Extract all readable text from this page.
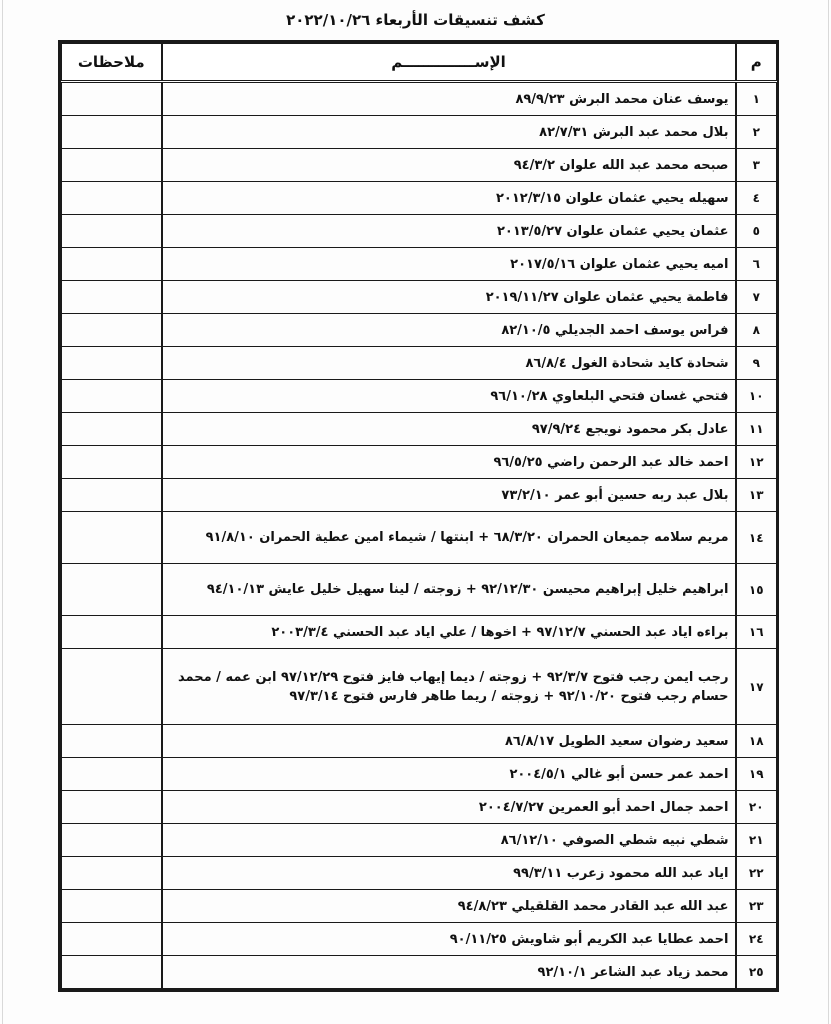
كشف تنسيقات الأربعاء ٢٠٢٢/١٠/٢٦
م	الإســــــــــــــم	ملاحظات
١	يوسف عنان محمد البرش ٨٩/٩/٢٣	
٢	بلال محمد عبد البرش ٨٢/٧/٣١	
٣	صبحه محمد عبد الله علوان ٩٤/٣/٢	
٤	سهيله يحيي عثمان علوان ٢٠١٢/٣/١٥	
٥	عثمان يحيي عثمان علوان ٢٠١٣/٥/٢٧	
٦	اميه يحيي عثمان علوان ٢٠١٧/٥/١٦	
٧	فاطمة يحيي عثمان علوان ٢٠١٩/١١/٢٧	
٨	فراس يوسف احمد الجديلي ٨٢/١٠/٥	
٩	شحادة كايد شحادة الغول ٨٦/٨/٤	
١٠	فتحي غسان فتحي البلعاوي ٩٦/١٠/٢٨	
١١	عادل بكر محمود نويجع ٩٧/٩/٢٤	
١٢	احمد خالد عبد الرحمن راضي ٩٦/٥/٢٥	
١٣	بلال عبد ربه حسين أبو عمر ٧٣/٢/١٠	
١٤	مريم سلامه جميعان الحمران ٦٨/٣/٢٠ + ابنتها / شيماء امين عطية الحمران ٩١/٨/١٠	
١٥	ابراهيم خليل إبراهيم محيسن ٩٢/١٢/٣٠ + زوجته / لينا سهيل خليل عايش ٩٤/١٠/١٣	
١٦	براءه اياد عبد الحسني ٩٧/١٢/٧ + اخوها / علي اياد عبد الحسني ٢٠٠٣/٣/٤	
١٧	رجب ايمن رجب فتوح ٩٢/٣/٧ + زوجته / ديما إيهاب فايز فتوح ٩٧/١٢/٢٩ ابن عمه / محمد حسام رجب فتوح ٩٢/١٠/٢٠ + زوجته / ريما طاهر فارس فتوح ٩٧/٣/١٤	
١٨	سعيد رضوان سعيد الطويل ٨٦/٨/١٧	
١٩	احمد عمر حسن أبو غالي ٢٠٠٤/٥/١	
٢٠	احمد جمال احمد أبو العمرين ٢٠٠٤/٧/٢٧	
٢١	شطي نبيه شطي الصوفي ٨٦/١٢/١٠	
٢٢	اياد عبد الله محمود زعرب ٩٩/٣/١١	
٢٣	عبد الله عبد القادر محمد القلقيلي ٩٤/٨/٢٣	
٢٤	احمد عطايا عبد الكريم أبو شاويش ٩٠/١١/٢٥	
٢٥	محمد زياد عبد الشاعر ٩٢/١٠/١	
